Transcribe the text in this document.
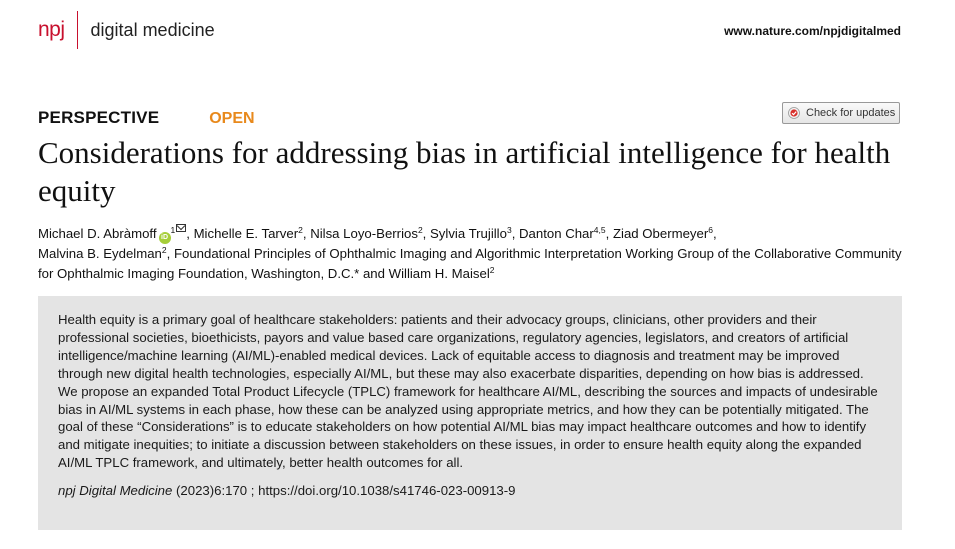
npj digital medicine	www.nature.com/npjdigitalmed
PERSPECTIVE	OPEN	Check for updates
Considerations for addressing bias in artificial intelligence for health equity
Michael D. Abràmoff $iD^1$ , Michelle E. Tarver$^2$, Nilsa Loyo-Berrios$^2$, Sylvia Trujillo$^3$, Danton Char$^{4,5}$, Ziad Obermeyer$^6$,
Malvina B. Eydelman$^2$, Foundational Principles of Ophthalmic Imaging and Algorithmic Interpretation Working Group of the Collaborative Community for Ophthalmic Imaging Foundation, Washington, D.C.* and William H. Maisel$^2$

Health equity is a primary goal of healthcare stakeholders: patients and their advocacy groups, clinicians, other providers and their professional societies, bioethicists, payors and value based care organizations, regulatory agencies, legislators, and creators of artificial intelligence/machine learning (AI/ML)-enabled medical devices. Lack of equitable access to diagnosis and treatment may be improved through new digital health technologies, especially AI/ML, but these may also exacerbate disparities, depending on how bias is addressed. We propose an expanded Total Product Lifecycle (TPLC) framework for healthcare AI/ML, describing the sources and impacts of undesirable bias in AI/ML systems in each phase, how these can be analyzed using appropriate metrics, and how they can be potentially mitigated. The goal of these “Considerations” is to educate stakeholders on how potential AI/ML bias may impact healthcare outcomes and how to identify and mitigate inequities; to initiate a discussion between stakeholders on these issues, in order to ensure health equity along the expanded AI/ML TPLC framework, and ultimately, better health outcomes for all.

npj Digital Medicine (2023)6:170 ; https://doi.org/10.1038/s41746-023-00913-9
